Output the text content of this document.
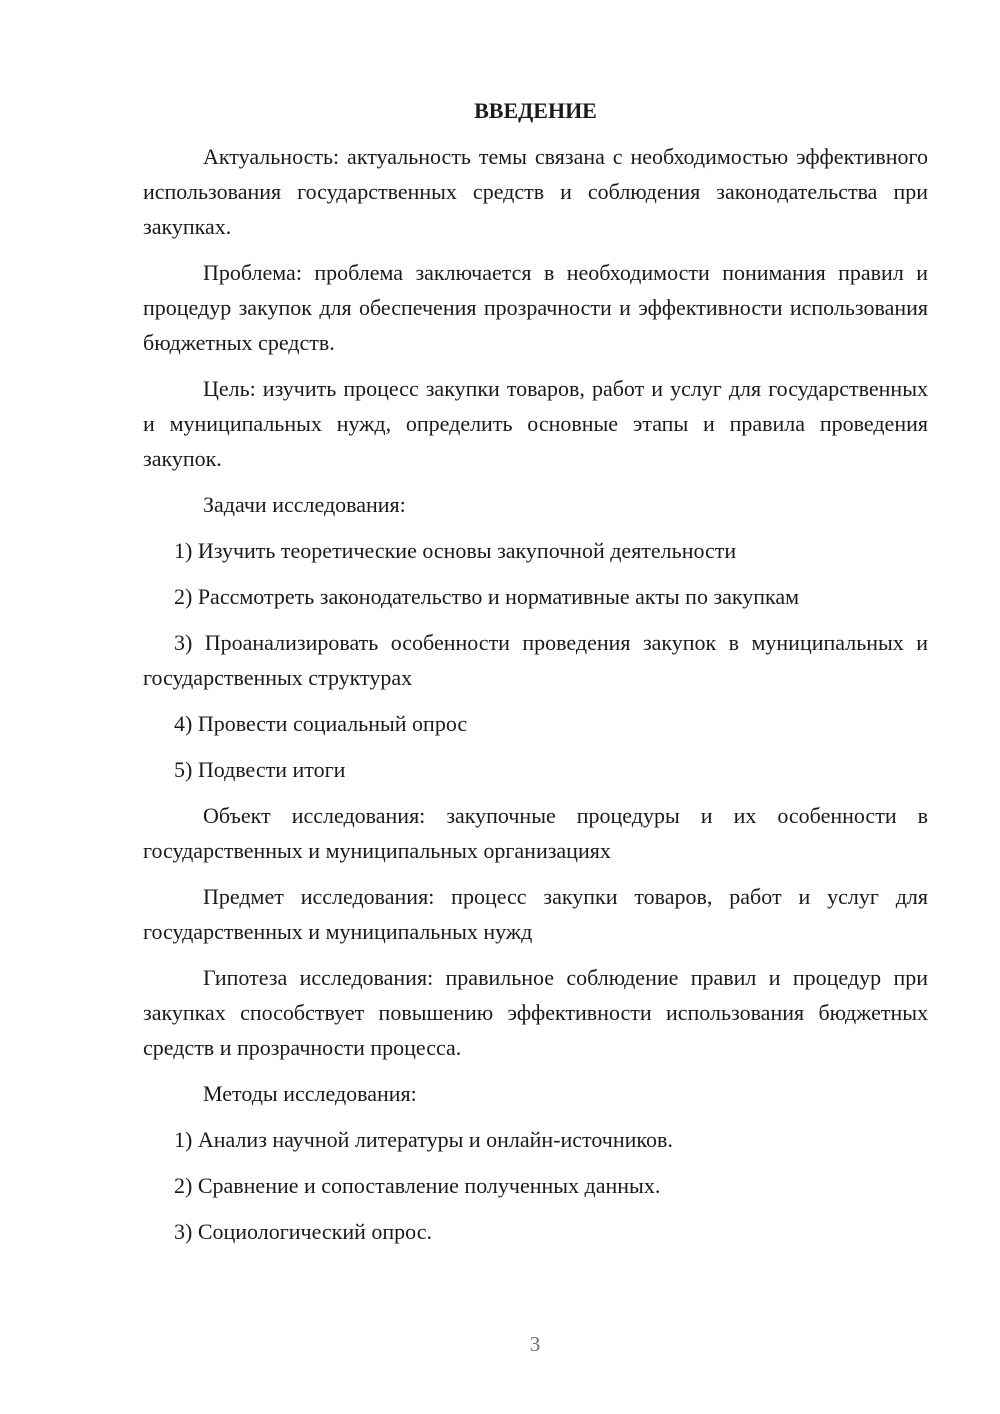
ВВЕДЕНИЕ

Актуальность: актуальность темы связана с необходимостью эффективного использования государственных средств и соблюдения законодательства при закупках.

Проблема: проблема заключается в необходимости понимания правил и процедур закупок для обеспечения прозрачности и эффективности использования бюджетных средств.

Цель: изучить процесс закупки товаров, работ и услуг для государственных и муниципальных нужд, определить основные этапы и правила проведения закупок.

Задачи исследования:

1) Изучить теоретические основы закупочной деятельности

2) Рассмотреть законодательство и нормативные акты по закупкам

3) Проанализировать особенности проведения закупок в муниципальных и государственных структурах

4) Провести социальный опрос

5) Подвести итоги

Объект исследования: закупочные процедуры и их особенности в государственных и муниципальных организациях

Предмет исследования: процесс закупки товаров, работ и услуг для государственных и муниципальных нужд

Гипотеза исследования: правильное соблюдение правил и процедур при закупках способствует повышению эффективности использования бюджетных средств и прозрачности процесса.

Методы исследования:

1) Анализ научной литературы и онлайн-источников.

2) Сравнение и сопоставление полученных данных.

3) Социологический опрос.

3
